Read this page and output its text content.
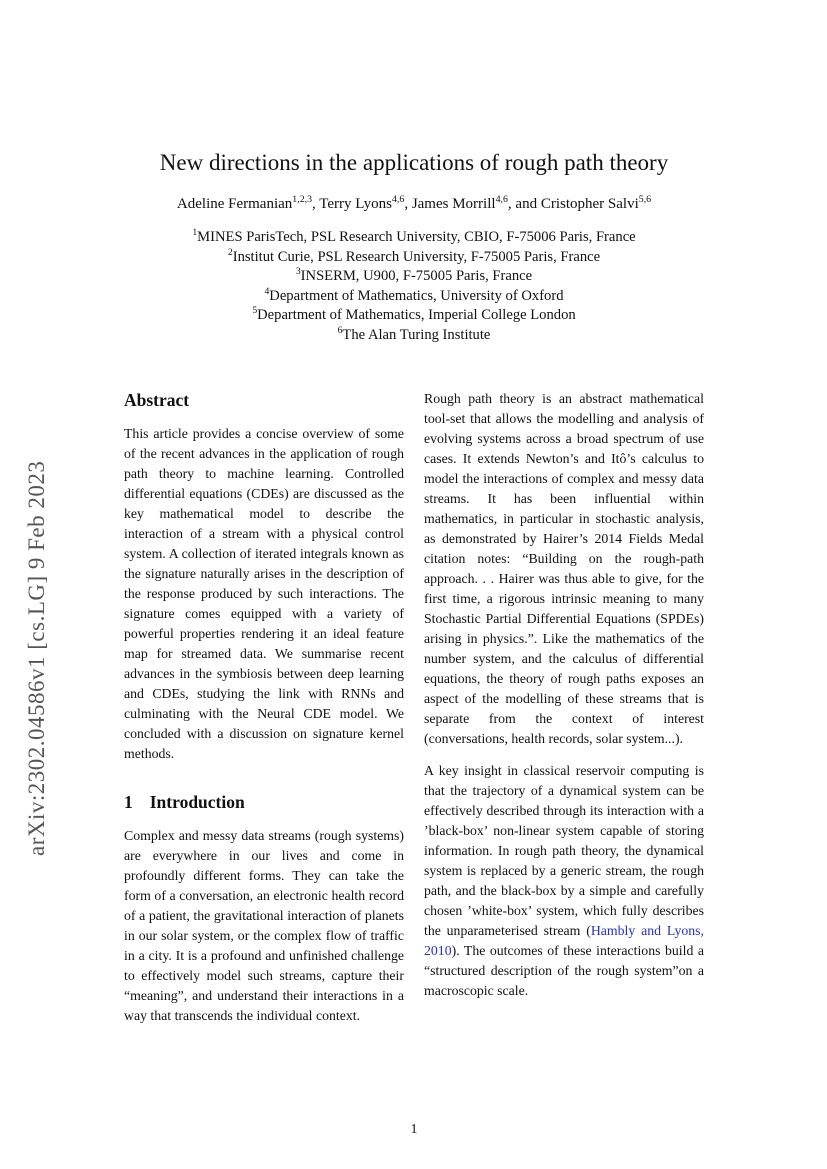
arXiv:2302.04586v1 [cs.LG] 9 Feb 2023
New directions in the applications of rough path theory
Adeline Fermanian$^{1,2,3}$, Terry Lyons$^{4,6}$, James Morrill$^{4,6}$, and Cristopher Salvi$^{5,6}$
$^1$MINES ParisTech, PSL Research University, CBIO, F-75006 Paris, France
$^2$Institut Curie, PSL Research University, F-75005 Paris, France
$^3$INSERM, U900, F-75005 Paris, France
$^4$Department of Mathematics, University of Oxford
$^5$Department of Mathematics, Imperial College London
$^6$The Alan Turing Institute
Abstract

This article provides a concise overview of some of the recent advances in the application of rough path theory to machine learning. Controlled differential equations (CDEs) are discussed as the key mathematical model to describe the interaction of a stream with a physical control system. A collection of iterated integrals known as the signature naturally arises in the description of the response produced by such interactions. The signature comes equipped with a variety of powerful properties rendering it an ideal feature map for streamed data. We summarise recent advances in the symbiosis between deep learning and CDEs, studying the link with RNNs and culminating with the Neural CDE model. We concluded with a discussion on signature kernel methods.

1 Introduction

Complex and messy data streams (rough systems) are everywhere in our lives and come in profoundly different forms. They can take the form of a conversation, an electronic health record of a patient, the gravitational interaction of planets in our solar system, or the complex flow of traffic in a city. It is a profound and unfinished challenge to effectively model such streams, capture their “meaning”, and understand their interactions in a way that transcends the individual context.

Rough path theory is an abstract mathematical tool-set that allows the modelling and analysis of evolving systems across a broad spectrum of use cases. It extends Newton’s and Itô’s calculus to model the interactions of complex and messy data streams. It has been influential within mathematics, in particular in stochastic analysis, as demonstrated by Hairer’s 2014 Fields Medal citation notes: “Building on the rough-path approach. . . Hairer was thus able to give, for the first time, a rigorous intrinsic meaning to many Stochastic Partial Differential Equations (SPDEs) arising in physics.”. Like the mathematics of the number system, and the calculus of differential equations, the theory of rough paths exposes an aspect of the modelling of these streams that is separate from the context of interest (conversations, health records, solar system...).

A key insight in classical reservoir computing is that the trajectory of a dynamical system can be effectively described through its interaction with a ’black-box’ non-linear system capable of storing information. In rough path theory, the dynamical system is replaced by a generic stream, the rough path, and the black-box by a simple and carefully chosen ’white-box’ system, which fully describes the unparameterised stream (Hambly and Lyons, 2010). The outcomes of these interactions build a “structured description of the rough system”on a macroscopic scale.

1
